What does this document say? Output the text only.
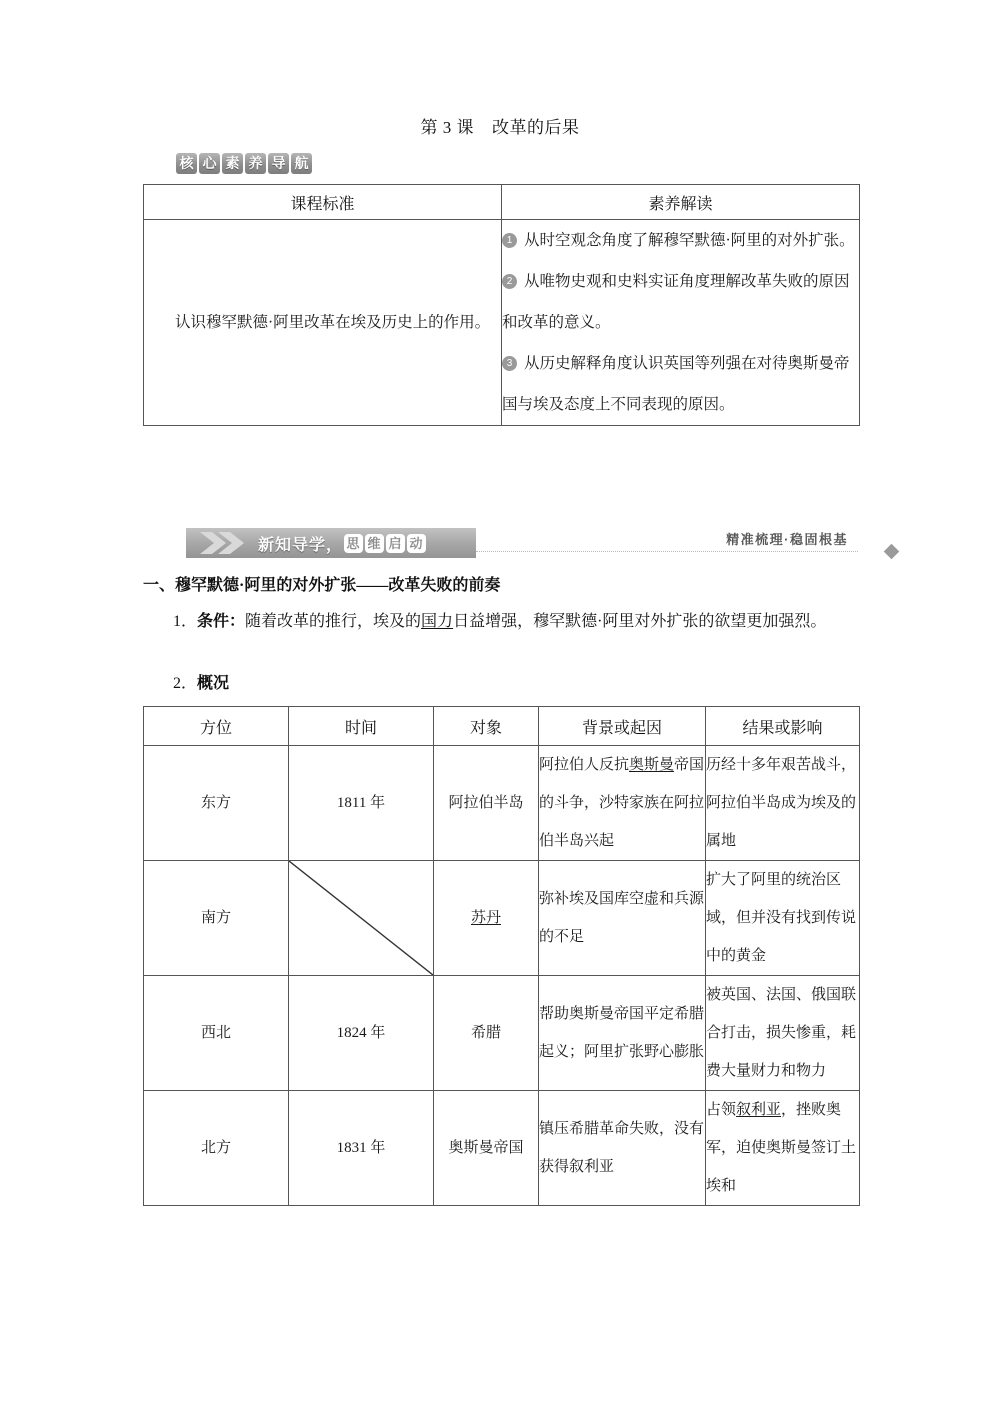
第 3 课 改革的后果
核 心 素 养 导 航
课程标准	素养解读
认识穆罕默德·阿里改革在埃及历史上的作用。	1 从时空观念角度了解穆罕默德·阿里的对外扩张。
2 从唯物史观和史料实证角度理解改革失败的原因和改革的意义。
3 从历史解释角度认识英国等列强在对待奥斯曼帝国与埃及态度上不同表现的原因。
新知导学 ， 思 维 启 动	精准梳理·稳固根基
一、穆罕默德·阿里的对外扩张——改革失败的前奏
1．条件：随着改革的推行，埃及的国力日益增强，穆罕默德·阿里对外扩张的欲望更加强烈。
2．概况
方位	时间	对象	背景或起因	结果或影响
东方	1811 年	阿拉伯半岛	阿拉伯人反抗奥斯曼帝国的斗争，沙特家族在阿拉伯半岛兴起	历经十多年艰苦战斗，阿拉伯半岛成为埃及的属地
南方		苏丹	弥补埃及国库空虚和兵源的不足	扩大了阿里的统治区域，但并没有找到传说中的黄金
西北	1824 年	希腊	帮助奥斯曼帝国平定希腊起义；阿里扩张野心膨胀	被英国、法国、俄国联合打击，损失惨重，耗费大量财力和物力
北方	1831 年	奥斯曼帝国	镇压希腊革命失败，没有获得叙利亚	占领叙利亚，挫败奥军，迫使奥斯曼签订土埃和
